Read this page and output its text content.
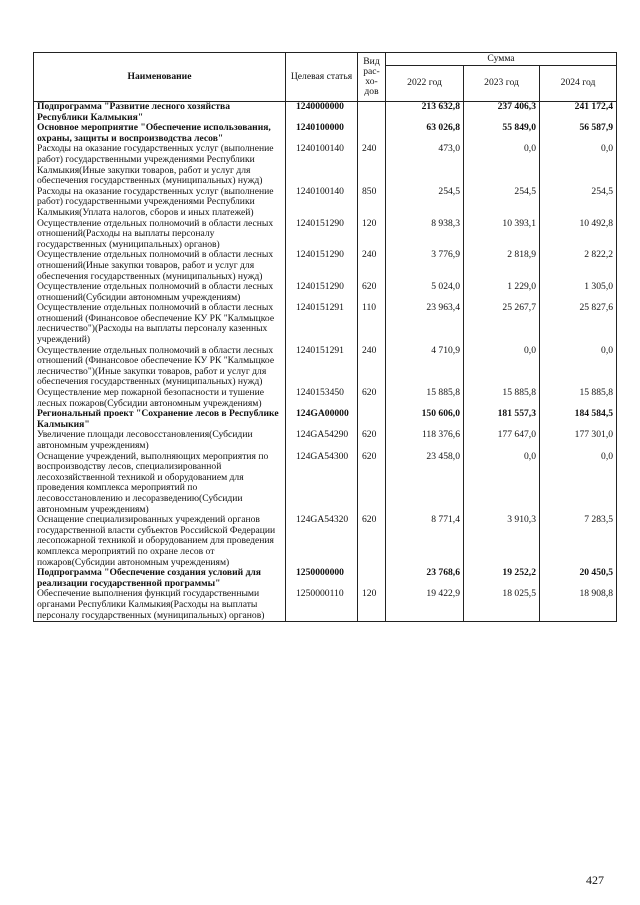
Наименование	Целевая статья	Вид рас-хо-дов	Сумма		
			2022 год	2023 год	2024 год
Подпрограмма "Развитие лесного хозяйства Республики Калмыкия"	1240000000		213 632,8	237 406,3	241 172,4
Основное мероприятие "Обеспечение использования, охраны, защиты и воспроизводства лесов"	1240100000		63 026,8	55 849,0	56 587,9
Расходы на оказание государственных услуг (выполнение работ) государственными учреждениями Республики Калмыкия(Иные закупки товаров, работ и услуг для обеспечения государственных (муниципальных) нужд)	1240100140	240	473,0	0,0	0,0
Расходы на оказание государственных услуг (выполнение работ) государственными учреждениями Республики Калмыкия(Уплата налогов, сборов и иных платежей)	1240100140	850	254,5	254,5	254,5
Осуществление отдельных полномочий в области лесных отношений(Расходы на выплаты персоналу государственных (муниципальных) органов)	1240151290	120	8 938,3	10 393,1	10 492,8
Осуществление отдельных полномочий в области лесных отношений(Иные закупки товаров, работ и услуг для обеспечения государственных (муниципальных) нужд)	1240151290	240	3 776,9	2 818,9	2 822,2
Осуществление отдельных полномочий в области лесных отношений(Субсидии автономным учреждениям)	1240151290	620	5 024,0	1 229,0	1 305,0
Осуществление отдельных полномочий в области лесных отношений (Финансовое обеспечение КУ РК "Калмыцкое лесничество")(Расходы на выплаты персоналу казенных учреждений)	1240151291	110	23 963,4	25 267,7	25 827,6
Осуществление отдельных полномочий в области лесных отношений (Финансовое обеспечение КУ РК "Калмыцкое лесничество")(Иные закупки товаров, работ и услуг для обеспечения государственных (муниципальных) нужд)	1240151291	240	4 710,9	0,0	0,0
Осуществление мер пожарной безопасности и тушение лесных пожаров(Субсидии автономным учреждениям)	1240153450	620	15 885,8	15 885,8	15 885,8
Региональный проект "Сохранение лесов в Республике Калмыкия"	124GA00000		150 606,0	181 557,3	184 584,5
Увеличение площади лесовосстановления(Субсидии автономным учреждениям)	124GA54290	620	118 376,6	177 647,0	177 301,0
Оснащение учреждений, выполняющих мероприятия по воспроизводству лесов, специализированной лесохозяйственной техникой и оборудованием для проведения комплекса мероприятий по лесовосстановлению и лесоразведению(Субсидии автономным учреждениям)	124GA54300	620	23 458,0	0,0	0,0
Оснащение специализированных учреждений органов государственной власти субъектов Российской Федерации лесопожарной техникой и оборудованием для проведения комплекса мероприятий по охране лесов от пожаров(Субсидии автономным учреждениям)	124GA54320	620	8 771,4	3 910,3	7 283,5
Подпрограмма "Обеспечение создания условий для реализации государственной программы"	1250000000		23 768,6	19 252,2	20 450,5
Обеспечение выполнения функций государственными органами Республики Калмыкия(Расходы на выплаты персоналу государственных (муниципальных) органов)	1250000110	120	19 422,9	18 025,5	18 908,8
427
